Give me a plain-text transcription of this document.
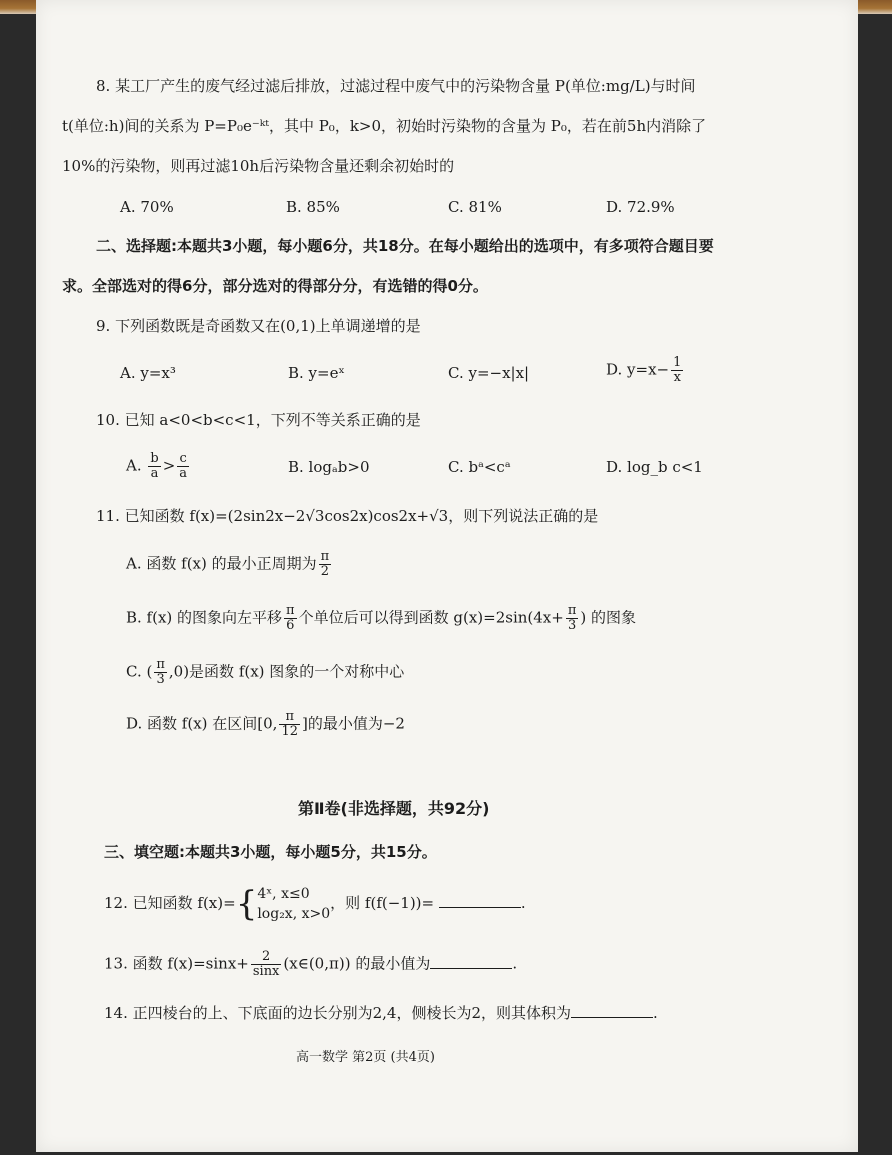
8. 某工厂产生的废气经过滤后排放，过滤过程中废气中的污染物含量 P(单位:mg/L)与时间
t(单位:h)间的关系为 P=P₀e⁻ᵏᵗ，其中 P₀，k>0，初始时污染物的含量为 P₀，若在前5h内消除了
10%的污染物，则再过滤10h后污染物含量还剩余初始时的
A. 70%	B. 85%	C. 81%	D. 72.9%
二、选择题:本题共3小题，每小题6分，共18分。在每小题给出的选项中，有多项符合题目要
求。全部选对的得6分，部分选对的得部分分，有选错的得0分。
9. 下列函数既是奇函数又在(0,1)上单调递增的是
A. y=x³	B. y=eˣ	C. y=−x|x|	D. $y=x- \frac{1}{x}$
10. 已知 a<0<b<c<1，下列不等关系正确的是
A. $\frac{b}{a} > \frac{c}{a}$	B. logₐb>0	C. bᵃ<cᵃ	D. log_b c<1
11. 已知函数 f(x)=(2sin2x−2√3cos2x)cos2x+√3，则下列说法正确的是
A. 函数 f(x) 的最小正周期为 $\frac{\pi}{2}$
B. f(x) 的图象向左平移 $\frac{\pi}{6}$ 个单位后可以得到函数 $g(x)=2\sin(4x+ \frac{\pi}{3}$ ) 的图象
C. ( $\frac{\pi}{3} ,0$)是函数 f(x) 图象的一个对称中心
D. 函数 f(x) 在区间[0, $\frac{\pi}{12}$ ]的最小值为−2
第Ⅱ卷(非选择题，共92分)
三、填空题:本题共3小题，每小题5分，共15分。
12. 已知函数 f(x)={ 4ˣ, x≤0
log₂x, x>0
，则 f(f(−1))=	.
13. 函数 $f(x)=\sin x+ \frac{2}{\sin x}$ (x∈(0,π)) 的最小值为	.
14. 正四棱台的上、下底面的边长分别为2,4，侧棱长为2，则其体积为	.
高一数学 第2页 (共4页)
